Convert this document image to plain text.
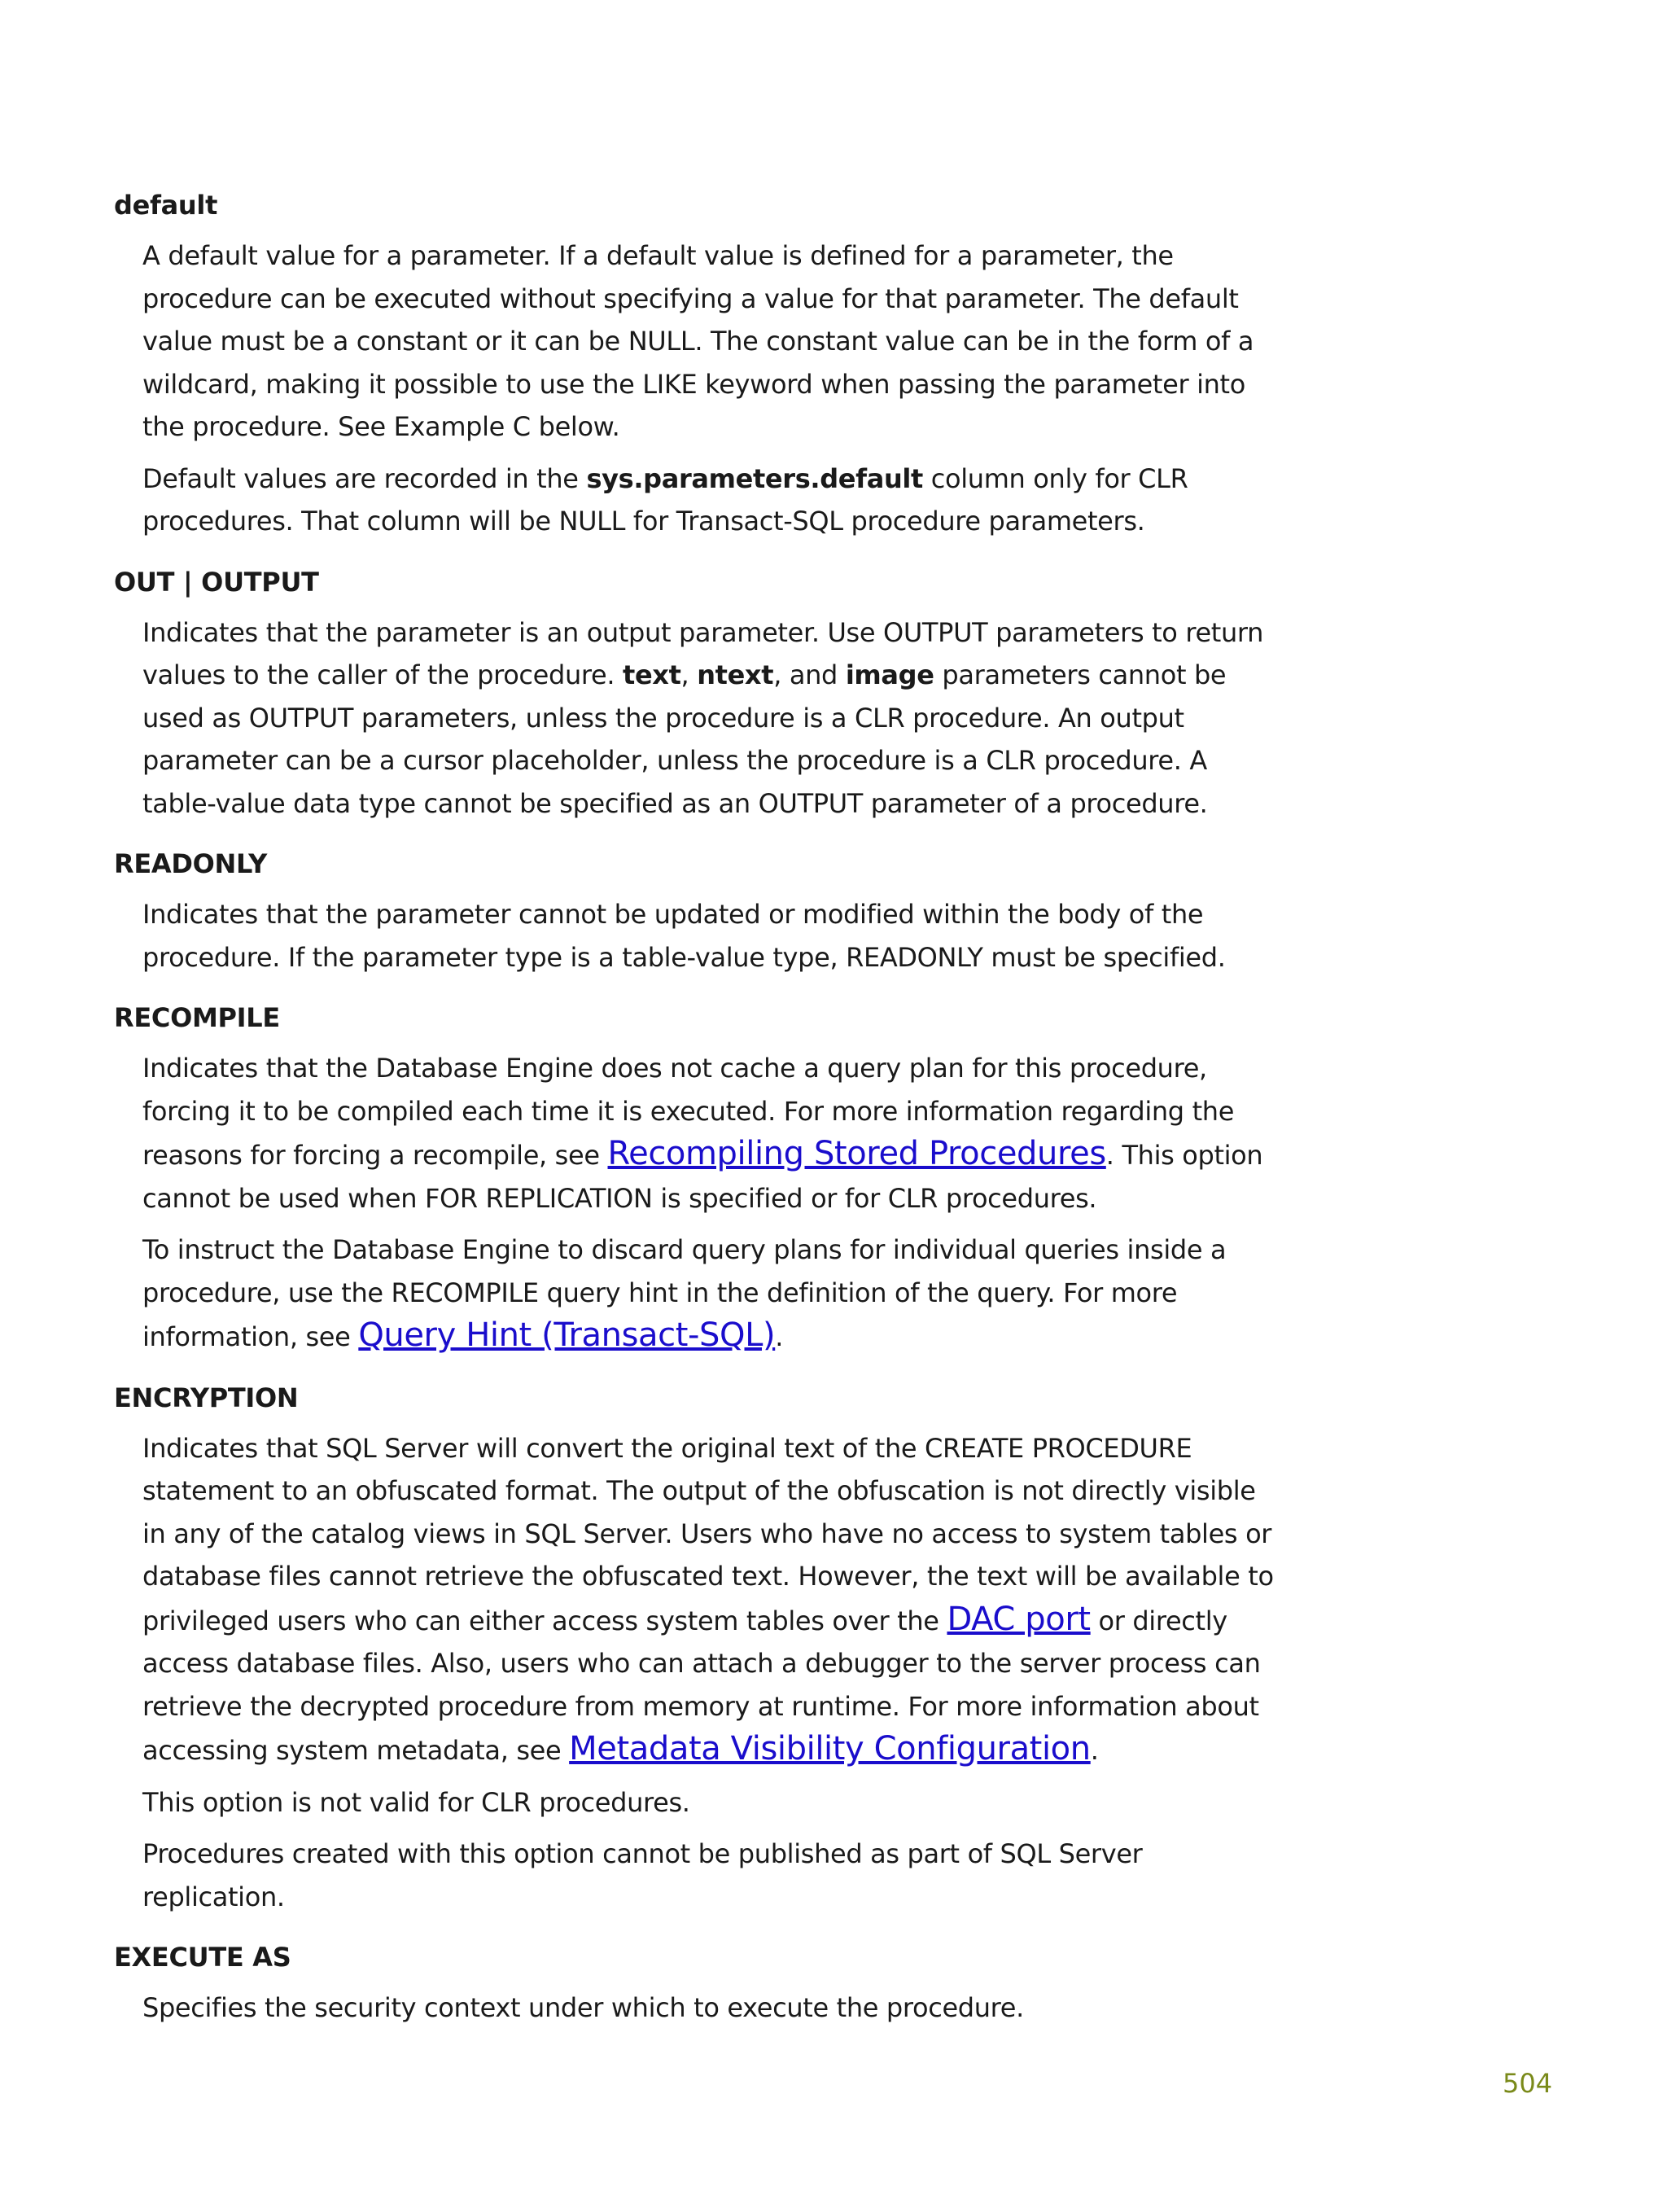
default
A default value for a parameter. If a default value is defined for a parameter, the procedure can be executed without specifying a value for that parameter. The default value must be a constant or it can be NULL. The constant value can be in the form of a wildcard, making it possible to use the LIKE keyword when passing the parameter into the procedure. See Example C below.
Default values are recorded in the sys.parameters.default column only for CLR procedures. That column will be NULL for Transact-SQL procedure parameters.
OUT | OUTPUT
Indicates that the parameter is an output parameter. Use OUTPUT parameters to return values to the caller of the procedure. text, ntext, and image parameters cannot be used as OUTPUT parameters, unless the procedure is a CLR procedure. An output parameter can be a cursor placeholder, unless the procedure is a CLR procedure. A table-value data type cannot be specified as an OUTPUT parameter of a procedure.
READONLY
Indicates that the parameter cannot be updated or modified within the body of the procedure. If the parameter type is a table-value type, READONLY must be specified.
RECOMPILE
Indicates that the Database Engine does not cache a query plan for this procedure, forcing it to be compiled each time it is executed. For more information regarding the reasons for forcing a recompile, see Recompiling Stored Procedures. This option cannot be used when FOR REPLICATION is specified or for CLR procedures.
To instruct the Database Engine to discard query plans for individual queries inside a procedure, use the RECOMPILE query hint in the definition of the query. For more information, see Query Hint (Transact-SQL).
ENCRYPTION
Indicates that SQL Server will convert the original text of the CREATE PROCEDURE statement to an obfuscated format. The output of the obfuscation is not directly visible in any of the catalog views in SQL Server. Users who have no access to system tables or database files cannot retrieve the obfuscated text. However, the text will be available to privileged users who can either access system tables over the DAC port or directly access database files. Also, users who can attach a debugger to the server process can retrieve the decrypted procedure from memory at runtime. For more information about accessing system metadata, see Metadata Visibility Configuration.
This option is not valid for CLR procedures.
Procedures created with this option cannot be published as part of SQL Server replication.
EXECUTE AS
Specifies the security context under which to execute the procedure.
504
